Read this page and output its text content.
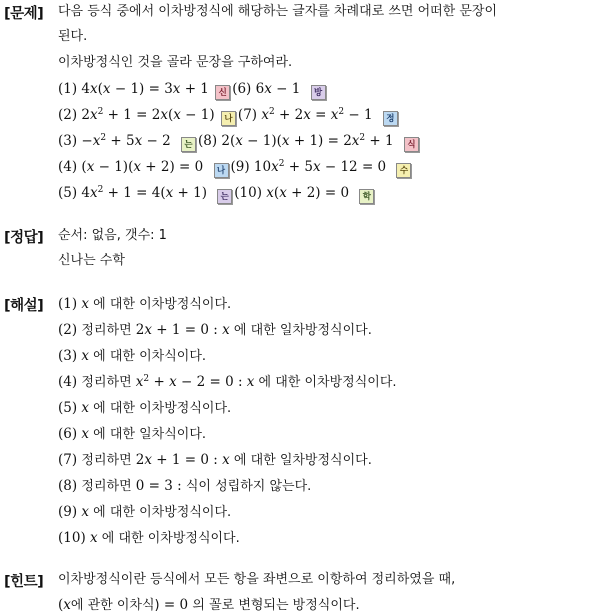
[문제] 다음 등식 중에서 이차방정식에 해당하는 글자를 차례대로 쓰면 어떠한 문장이
된다.
이차방정식인 것을 골라 문장을 구하여라.
(1) 4x(x − 1) = 3x + 1 신 (6) 6x − 1 방
(2) $2x^2 + 1 = 2x(x - 1)$ 나 (7) $x^2 + 2x = x^2 - 1$ 정
$(3) -x^2 + 5x - 2$ 는 (8) $2(x - 1)(x + 1) = 2x^2 + 1$ 식
(4) (x − 1)(x + 2) = 0 나 (9) $10x^2 + 5x - 12 = 0$ 수
(5) $4x^2 + 1 = 4(x + 1)$ 는 (10) x(x + 2) = 0 학
[정답] 순서: 없음, 갯수: 1
신나는 수학
[해설] (1) x 에 대한 이차방정식이다.
(2) 정리하면 2x + 1 = 0 : x 에 대한 일차방정식이다.
(3) x 에 대한 이차식이다.
(4) 정리하면 $x^2 + x - 2 = 0$ : x 에 대한 이차방정식이다.
(5) x 에 대한 이차방정식이다.
(6) x 에 대한 일차식이다.
(7) 정리하면 2x + 1 = 0 : x 에 대한 일차방정식이다.
(8) 정리하면 0 = 3 : 식이 성립하지 않는다.
(9) x 에 대한 이차방정식이다.
(10) x 에 대한 이차방정식이다.
[힌트] 이차방정식이란 등식에서 모든 항을 좌변으로 이항하여 정리하였을 때,
(x에 관한 이차식) = 0 의 꼴로 변형되는 방정식이다.
